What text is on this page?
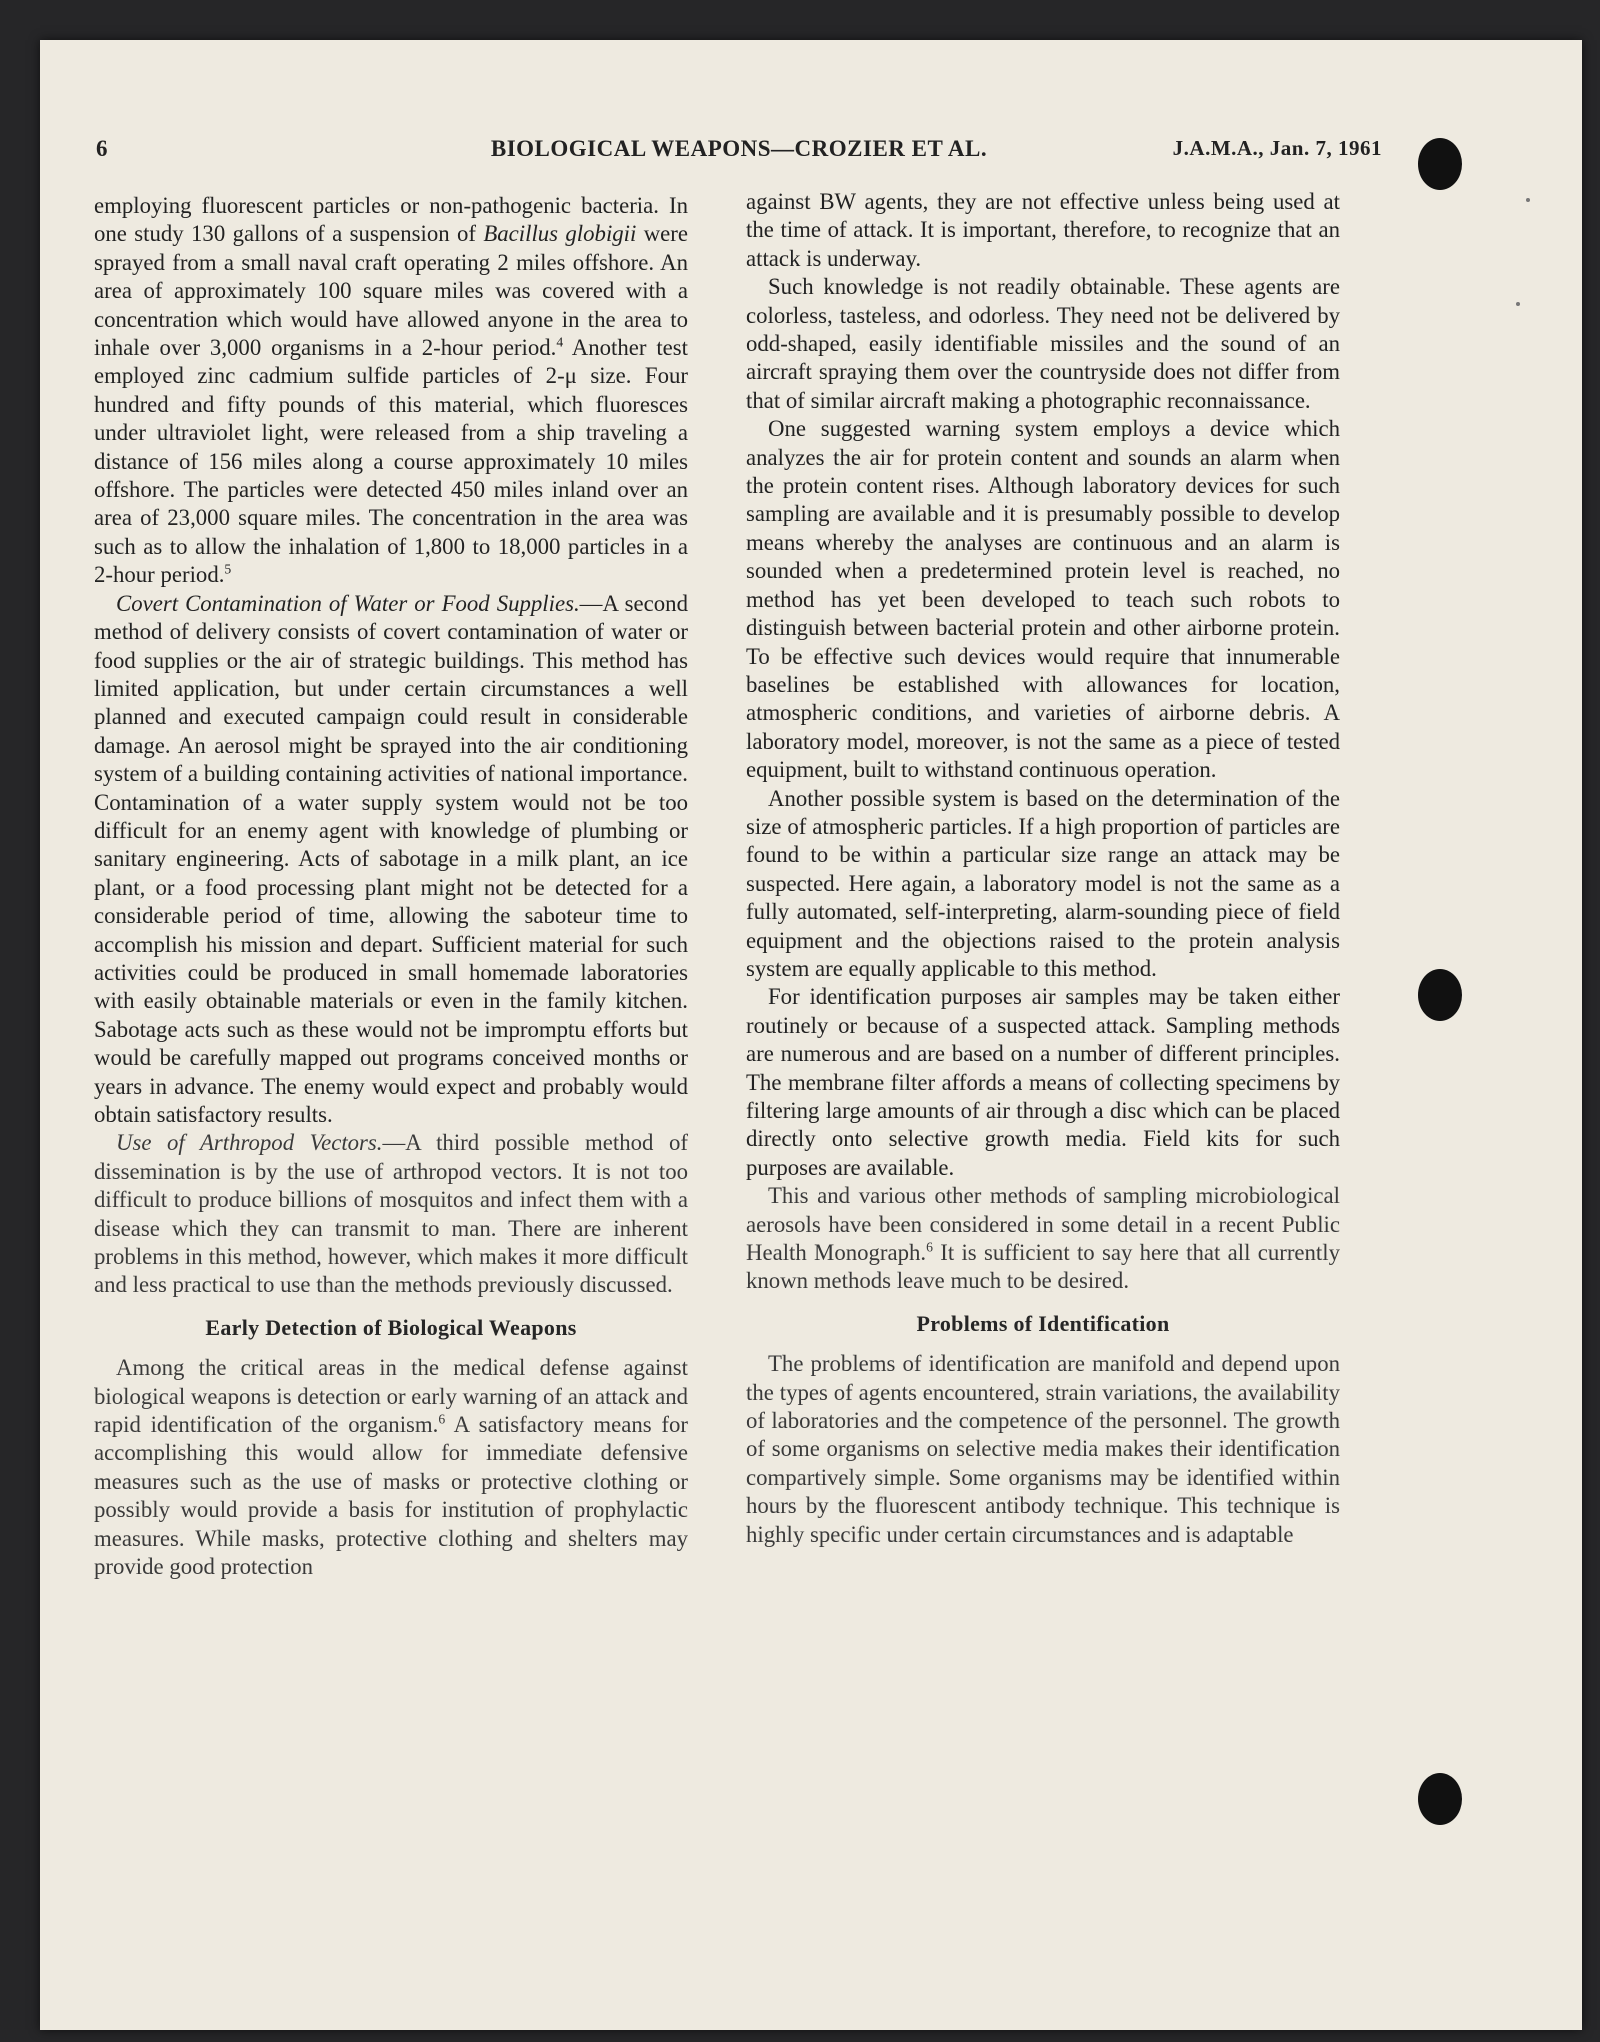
6	BIOLOGICAL WEAPONS—CROZIER ET AL.	J.A.M.A., Jan. 7, 1961

employing fluorescent particles or non-pathogenic bacteria. In one study 130 gallons of a suspension of Bacillus globigii were sprayed from a small naval craft operating 2 miles offshore. An area of approximately 100 square miles was covered with a concentration which would have allowed anyone in the area to inhale over 3,000 organisms in a 2-hour period.$^4$ Another test employed zinc cadmium sulfide particles of 2-μ size. Four hundred and fifty pounds of this material, which fluoresces under ultraviolet light, were released from a ship traveling a distance of 156 miles along a course approximately 10 miles offshore. The particles were detected 450 miles inland over an area of 23,000 square miles. The concentration in the area was such as to allow the inhalation of 1,800 to 18,000 particles in a 2-hour period.$^5$

Covert Contamination of Water or Food Supplies.—A second method of delivery consists of covert contamination of water or food supplies or the air of strategic buildings. This method has limited application, but under certain circumstances a well planned and executed campaign could result in considerable damage. An aerosol might be sprayed into the air conditioning system of a building containing activities of national importance. Contamination of a water supply system would not be too difficult for an enemy agent with knowledge of plumbing or sanitary engineering. Acts of sabotage in a milk plant, an ice plant, or a food processing plant might not be detected for a considerable period of time, allowing the saboteur time to accomplish his mission and depart. Sufficient material for such activities could be produced in small homemade laboratories with easily obtainable materials or even in the family kitchen. Sabotage acts such as these would not be impromptu efforts but would be carefully mapped out programs conceived months or years in advance. The enemy would expect and probably would obtain satisfactory results.

Use of Arthropod Vectors.—A third possible method of dissemination is by the use of arthropod vectors. It is not too difficult to produce billions of mosquitos and infect them with a disease which they can transmit to man. There are inherent problems in this method, however, which makes it more difficult and less practical to use than the methods previously discussed.

Early Detection of Biological Weapons

Among the critical areas in the medical defense against biological weapons is detection or early warning of an attack and rapid identification of the organism.$^6$ A satisfactory means for accomplishing this would allow for immediate defensive measures such as the use of masks or protective clothing or possibly would provide a basis for institution of prophylactic measures. While masks, protective clothing and shelters may provide good protection

against BW agents, they are not effective unless being used at the time of attack. It is important, therefore, to recognize that an attack is underway.

Such knowledge is not readily obtainable. These agents are colorless, tasteless, and odorless. They need not be delivered by odd-shaped, easily identifiable missiles and the sound of an aircraft spraying them over the countryside does not differ from that of similar aircraft making a photographic reconnaissance.

One suggested warning system employs a device which analyzes the air for protein content and sounds an alarm when the protein content rises. Although laboratory devices for such sampling are available and it is presumably possible to develop means whereby the analyses are continuous and an alarm is sounded when a predetermined protein level is reached, no method has yet been developed to teach such robots to distinguish between bacterial protein and other airborne protein. To be effective such devices would require that innumerable baselines be established with allowances for location, atmospheric conditions, and varieties of airborne debris. A laboratory model, moreover, is not the same as a piece of tested equipment, built to withstand continuous operation.

Another possible system is based on the determination of the size of atmospheric particles. If a high proportion of particles are found to be within a particular size range an attack may be suspected. Here again, a laboratory model is not the same as a fully automated, self-interpreting, alarm-sounding piece of field equipment and the objections raised to the protein analysis system are equally applicable to this method.

For identification purposes air samples may be taken either routinely or because of a suspected attack. Sampling methods are numerous and are based on a number of different principles. The membrane filter affords a means of collecting specimens by filtering large amounts of air through a disc which can be placed directly onto selective growth media. Field kits for such purposes are available.

This and various other methods of sampling microbiological aerosols have been considered in some detail in a recent Public Health Monograph.$^6$ It is sufficient to say here that all currently known methods leave much to be desired.

Problems of Identification

The problems of identification are manifold and depend upon the types of agents encountered, strain variations, the availability of laboratories and the competence of the personnel. The growth of some organisms on selective media makes their identification compartively simple. Some organisms may be identified within hours by the fluorescent antibody technique. This technique is highly specific under certain circumstances and is adaptable
